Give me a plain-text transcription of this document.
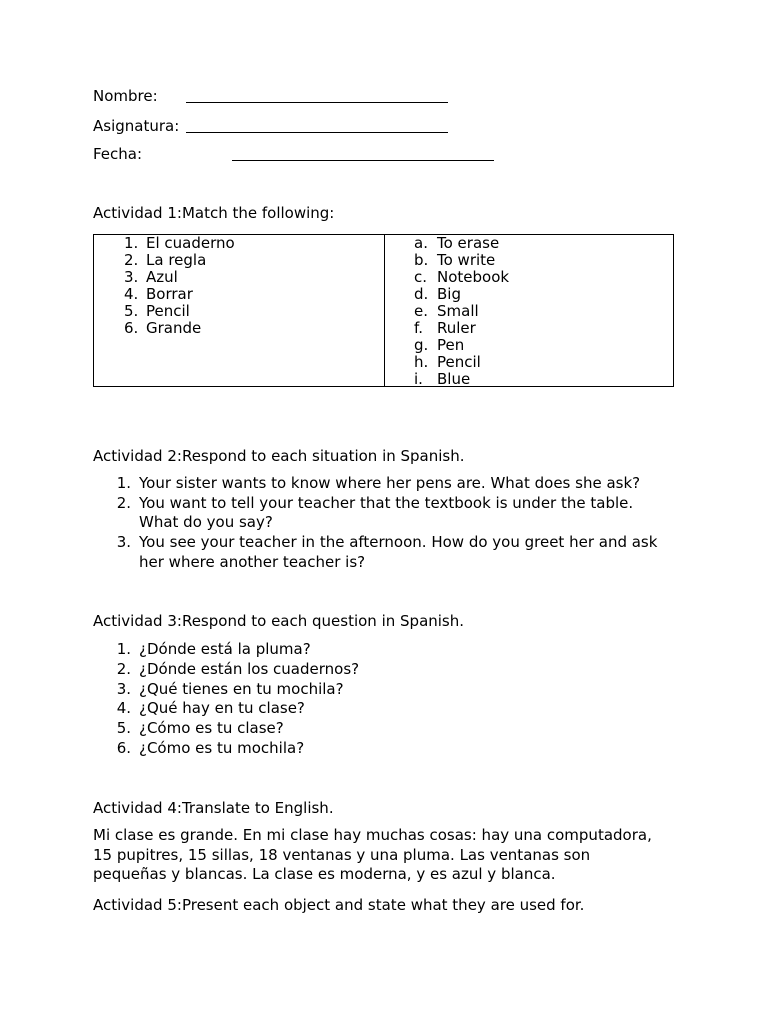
Nombre:
Asignatura:
Fecha:
Actividad 1:Match the following:
1. El cuaderno
2. La regla
3. Azul
4. Borrar
5. Pencil
6. Grande
a. To erase
b. To write
c. Notebook
d. Big
e. Small
f. Ruler
g. Pen
h. Pencil
i. Blue
Actividad 2:Respond to each situation in Spanish.
1. Your sister wants to know where her pens are. What does she ask?
2. You want to tell your teacher that the textbook is under the table.
What do you say?
3. You see your teacher in the afternoon. How do you greet her and ask
her where another teacher is?
Actividad 3:Respond to each question in Spanish.
1. ¿Dónde está la pluma?
2. ¿Dónde están los cuadernos?
3. ¿Qué tienes en tu mochila?
4. ¿Qué hay en tu clase?
5. ¿Cómo es tu clase?
6. ¿Cómo es tu mochila?
Actividad 4:Translate to English.
Mi clase es grande. En mi clase hay muchas cosas: hay una computadora,
15 pupitres, 15 sillas, 18 ventanas y una pluma. Las ventanas son
pequeñas y blancas. La clase es moderna, y es azul y blanca.
Actividad 5:Present each object and state what they are used for.
